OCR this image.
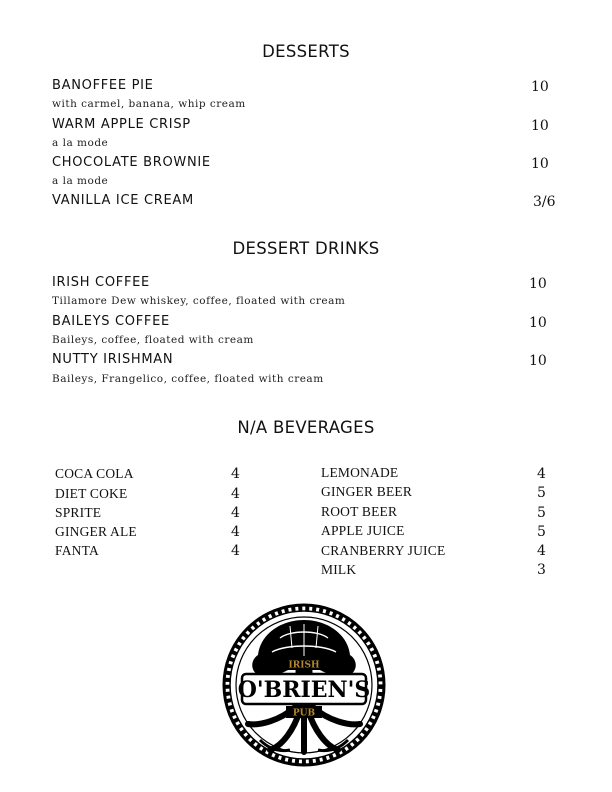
DESSERTS
BANOFFEE PIE	10
with carmel, banana, whip cream
WARM APPLE CRISP	10
a la mode
CHOCOLATE BROWNIE	10
a la mode
VANILLA ICE CREAM	3/6
DESSERT DRINKS
IRISH COFFEE	10
Tillamore Dew whiskey, coffee, floated with cream
BAILEYS COFFEE	10
Baileys, coffee, floated with cream
NUTTY IRISHMAN	10
Baileys, Frangelico, coffee, floated with cream
N/A BEVERAGES
COCA COLA	4
DIET COKE	4
SPRITE	4
GINGER ALE	4
FANTA	4
LEMONADE	4
GINGER BEER	5
ROOT BEER	5
APPLE JUICE	5
CRANBERRY JUICE	4
MILK	3
IRISH
O'BRIEN'S
PUB
